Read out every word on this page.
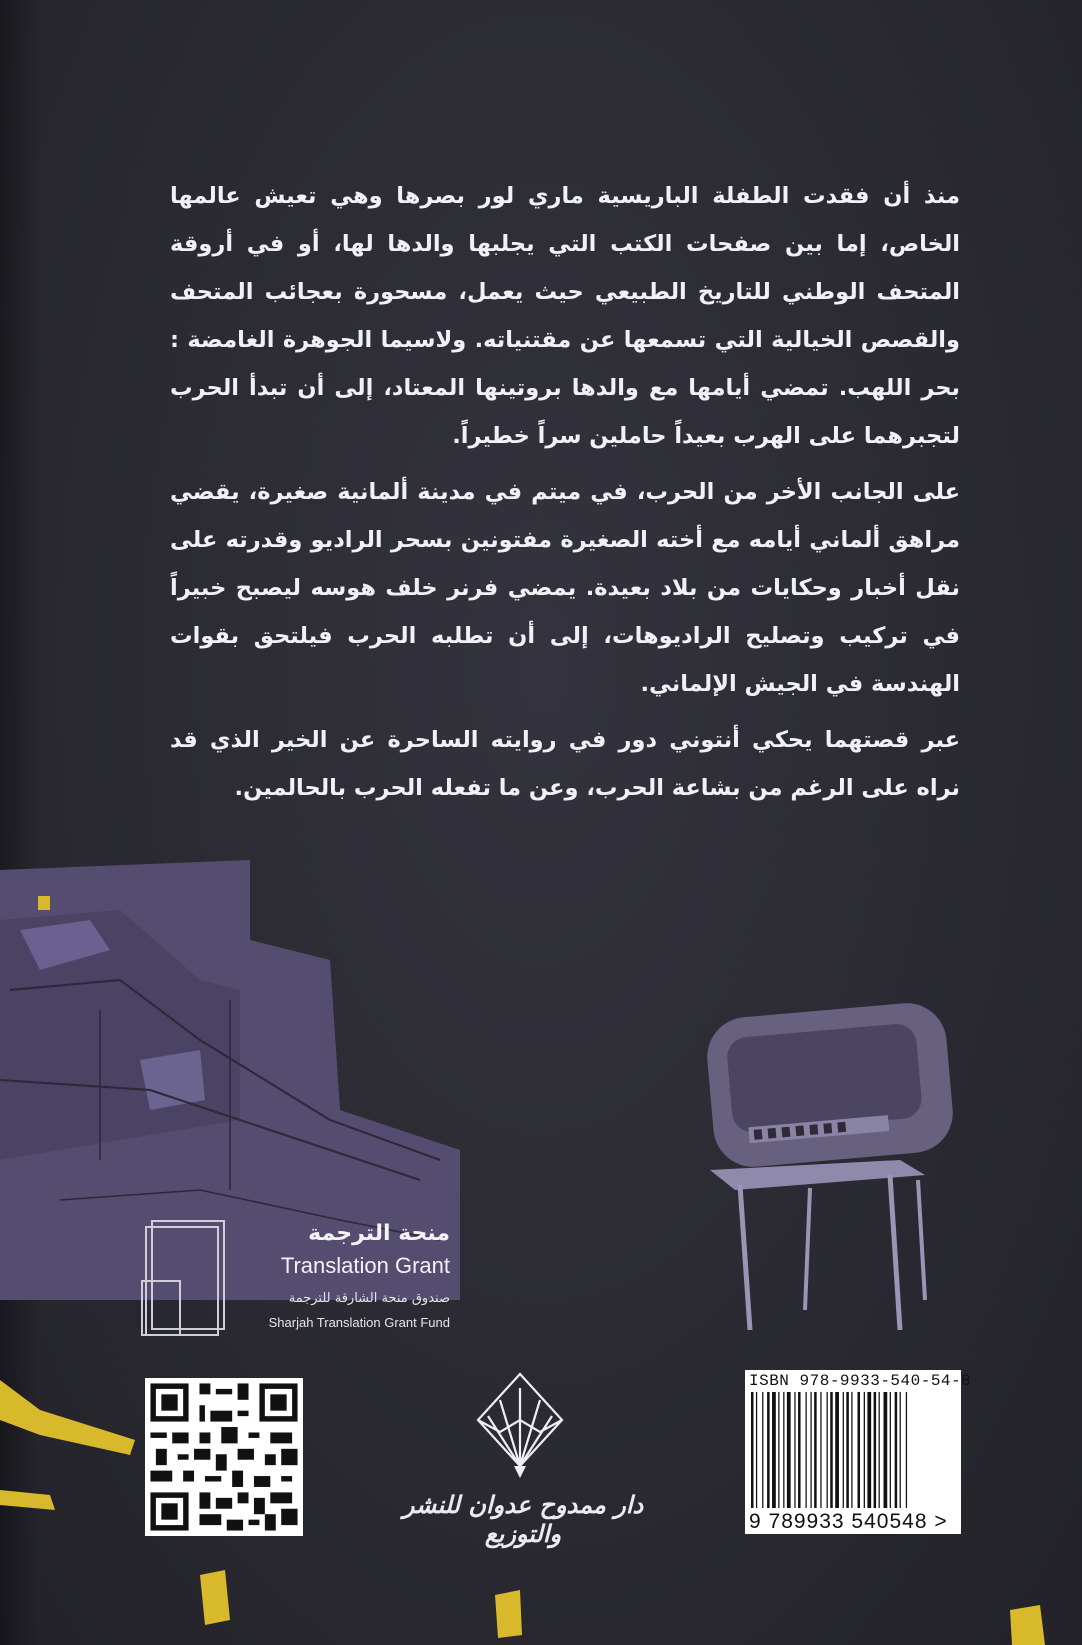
منذ أن فقدت الطفلة الباريسية ماري لور بصرها وهي تعيش عالمها الخاص، إما بين صفحات الكتب التي يجلبها والدها لها، أو في أروقة المتحف الوطني للتاريخ الطبيعي حيث يعمل، مسحورة بعجائب المتحف والقصص الخيالية التي تسمعها عن مقتنياته. ولاسيما الجوهرة الغامضة : بحر اللهب. تمضي أيامها مع والدها بروتينها المعتاد، إلى أن تبدأ الحرب لتجبرهما على الهرب بعيداً حاملين سراً خطيراً.

على الجانب الأخر من الحرب، في ميتم في مدينة ألمانية صغيرة، يقضي مراهق ألماني أيامه مع أخته الصغيرة مفتونين بسحر الراديو وقدرته على نقل أخبار وحكايات من بلاد بعيدة. يمضي فرنر خلف هوسه ليصبح خبيراً في تركيب وتصليح الراديوهات، إلى أن تطلبه الحرب فيلتحق بقوات الهندسة في الجيش الإلماني.

عبر قصتهما يحكي أنتوني دور في روايته الساحرة عن الخير الذي قد نراه على الرغم من بشاعة الحرب، وعن ما تفعله الحرب بالحالمين.

منحة الترجمة
Translation Grant
صندوق منحة الشارقة للترجمة
Sharjah Translation Grant Fund
دار ممدوح عدوان للنشر والتوزيع
ISBN 978-9933-540-54-8
9 789933 540548 >
